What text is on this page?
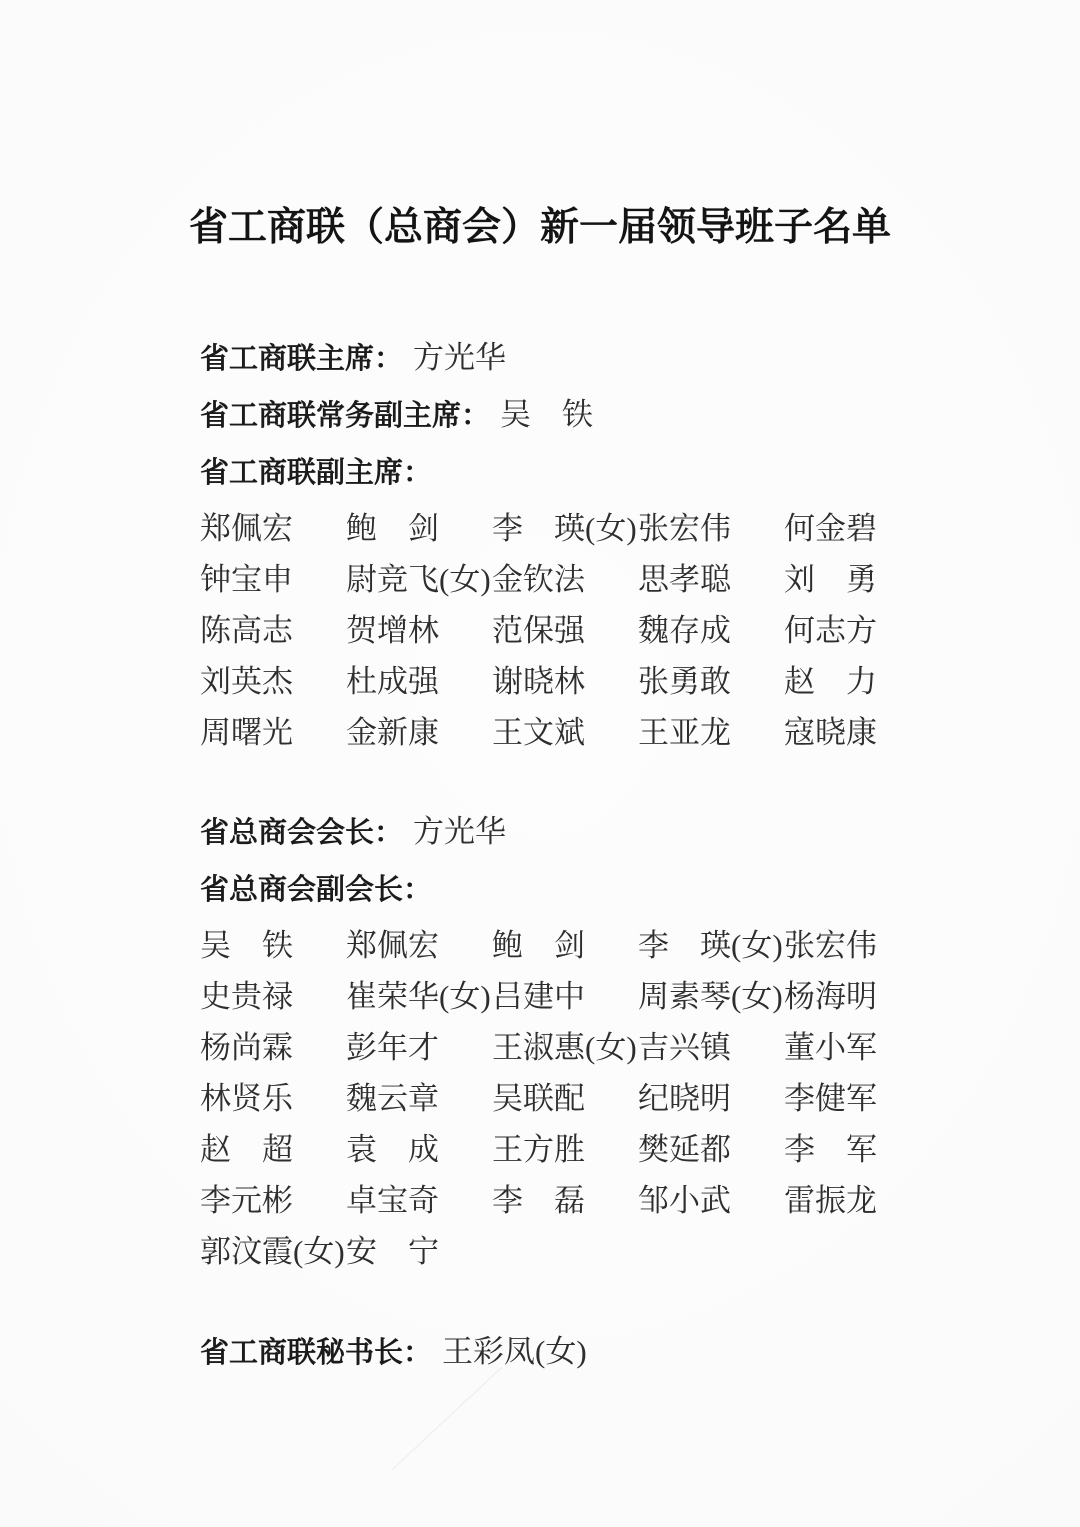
省工商联（总商会）新一届领导班子名单
省工商联主席： 方光华
省工商联常务副主席： 吴　铁
省工商联副主席：
郑佩宏	鲍　剑	李　瑛(女) 张宏伟	何金碧
钟宝申	尉竞飞(女) 金钦法	思孝聪	刘　勇
陈高志	贺增林	范保强	魏存成	何志方
刘英杰	杜成强	谢晓林	张勇敢	赵　力
周曙光	金新康	王文斌	王亚龙	寇晓康
省总商会会长： 方光华
省总商会副会长：
吴　铁	郑佩宏	鲍　剑	李　瑛(女) 张宏伟
史贵禄	崔荣华(女) 吕建中	周素琴(女) 杨海明
杨尚霖	彭年才	王淑惠(女) 吉兴镇	董小军
林贤乐	魏云章	吴联配	纪晓明	李健军
赵　超	袁　成	王方胜	樊延都	李　军
李元彬	卓宝奇	李　磊	邹小武	雷振龙
郭汶霞(女) 安　宁
省工商联秘书长： 王彩凤(女)
